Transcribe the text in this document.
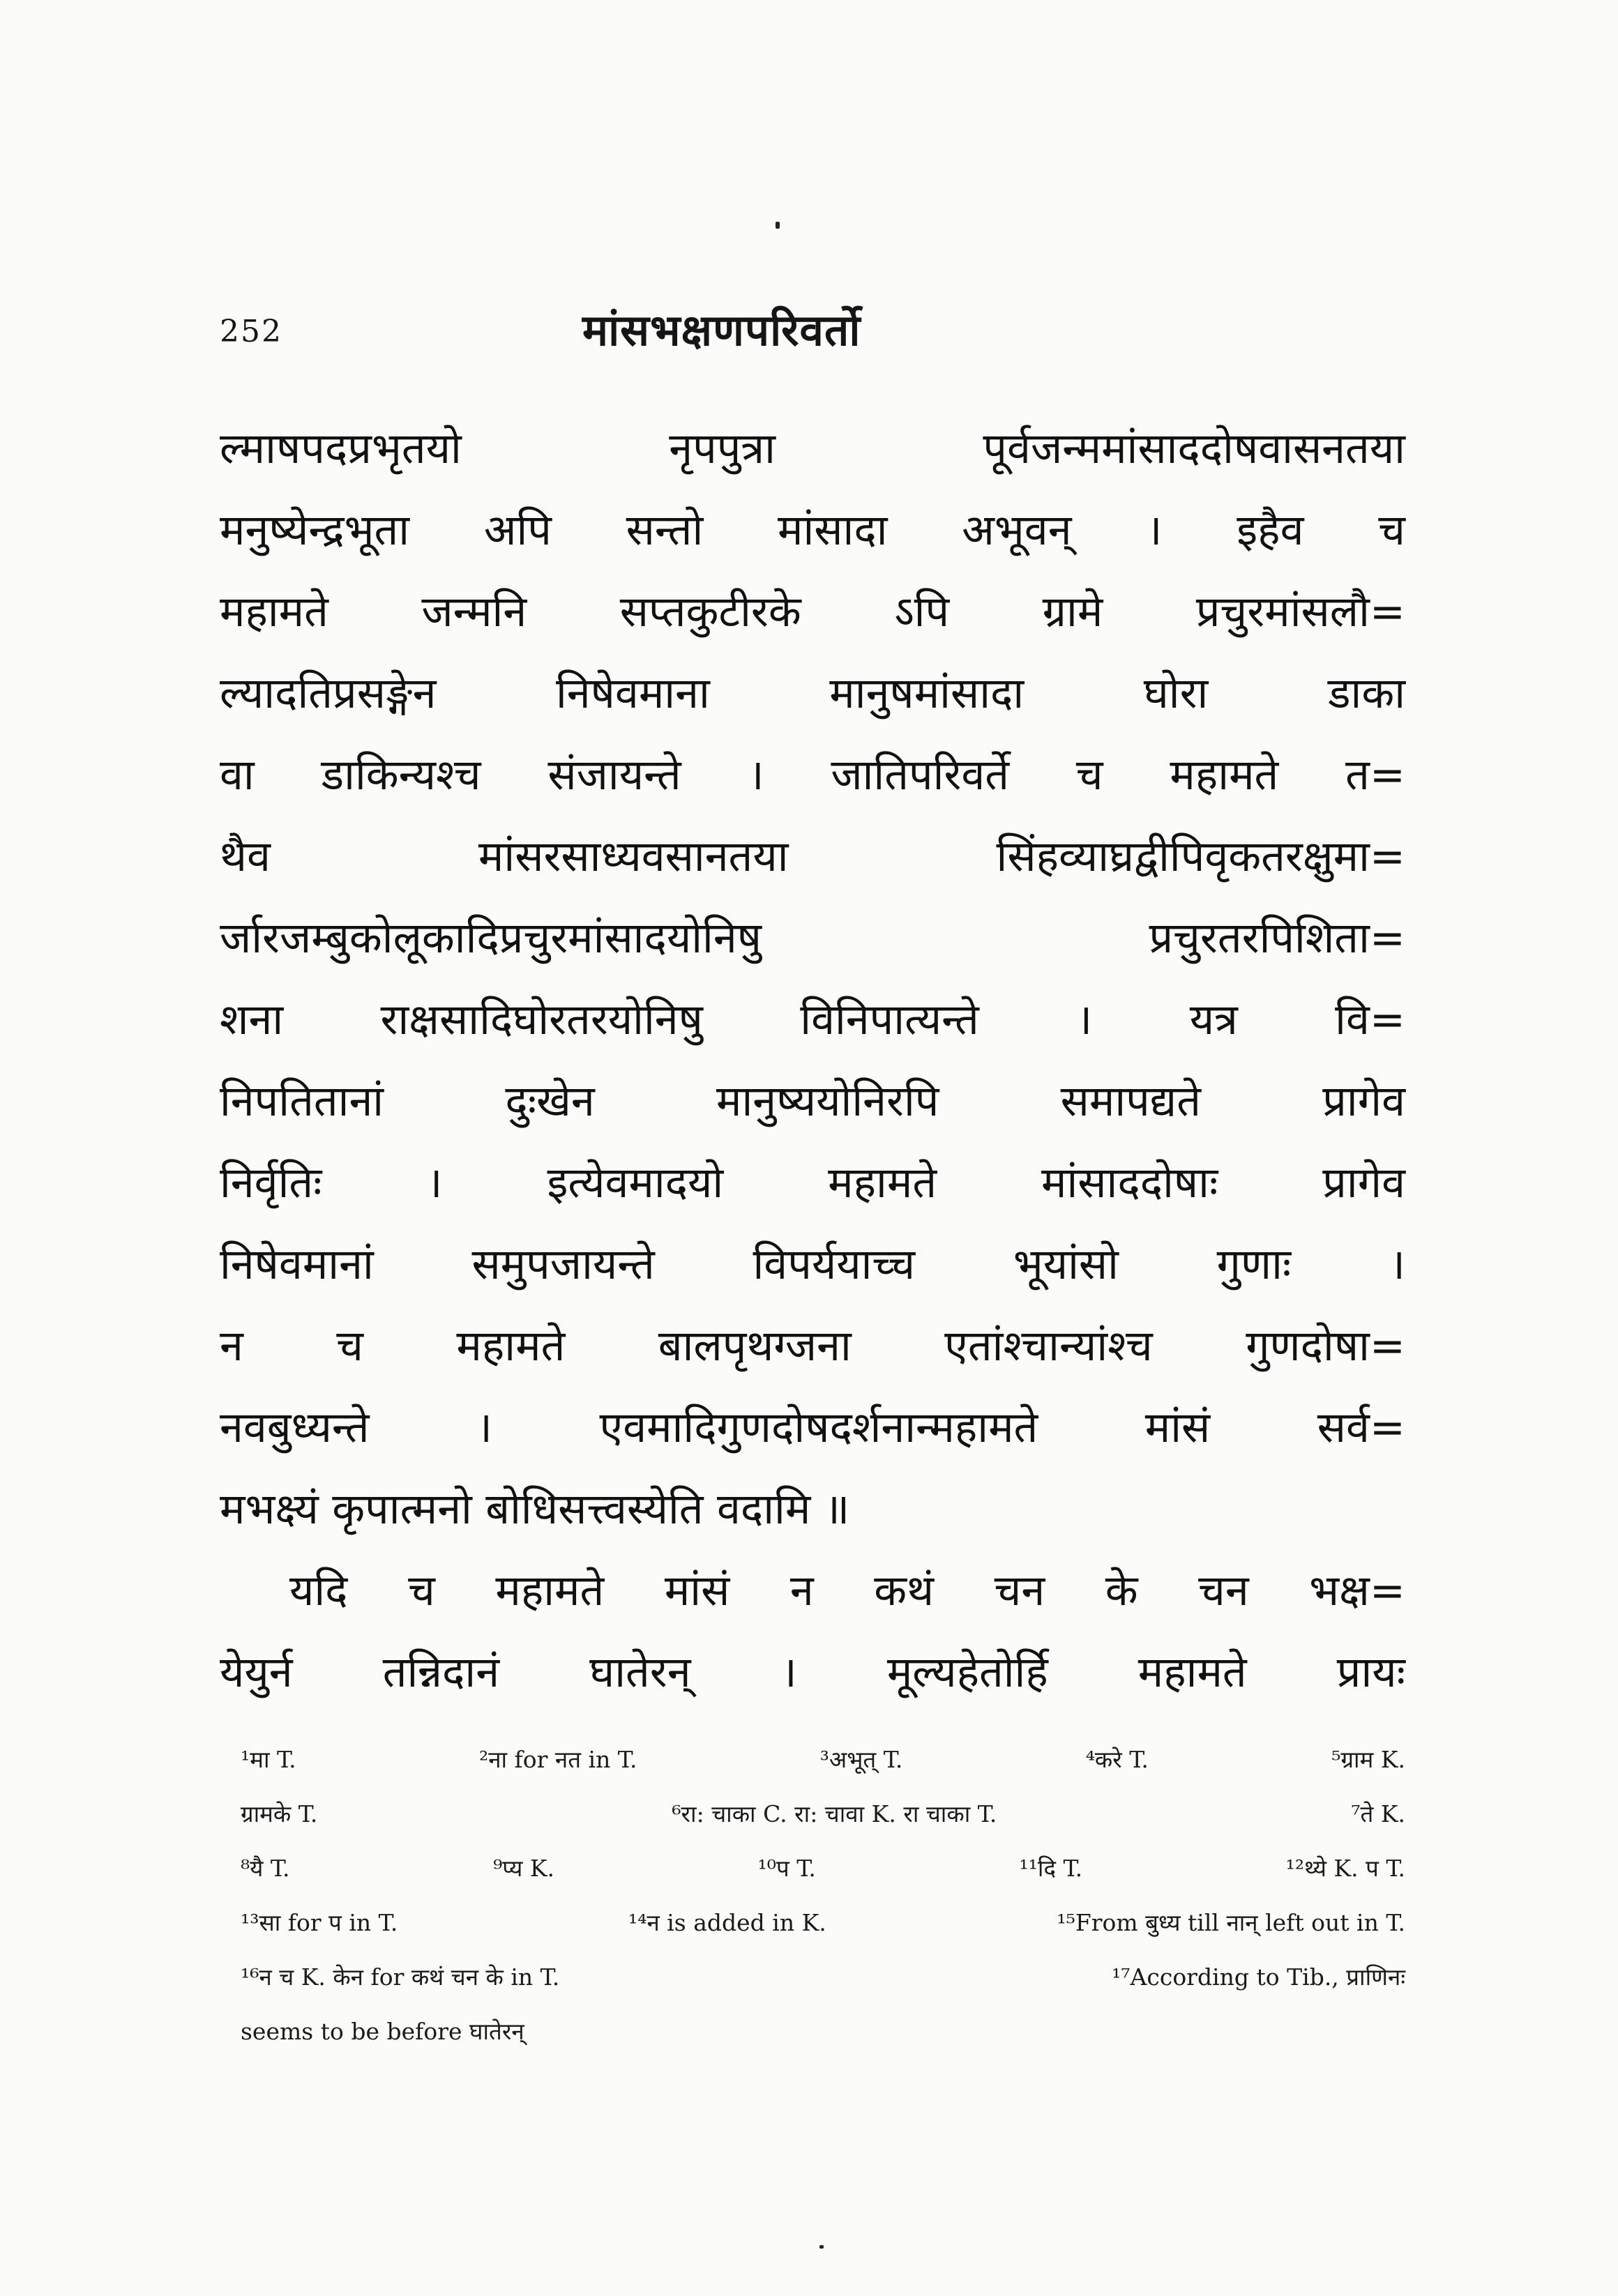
252	मांसभक्षणपरिवर्तो
ल्माषपदप्रभृतयो नृपपुत्रा पूर्वजन्ममांसाददोषवासनतया
मनुष्येन्द्रभूता अपि सन्तो मांसादा अभूवन् । इहैव च
महामते जन्मनि सप्तकुटीरके ऽपि ग्रामे प्रचुरमांसलौ=
ल्यादतिप्रसङ्गेन निषेवमाना मानुषमांसादा घोरा डाका
वा डाकिन्यश्च संजायन्ते । जातिपरिवर्ते च महामते त=
थैव मांसरसाध्यवसानतया सिंहव्याघ्रद्वीपिवृकतरक्षुमा=
र्जारजम्बुकोलूकादिप्रचुरमांसादयोनिषु प्रचुरतरपिशिता=
शना राक्षसादिघोरतरयोनिषु विनिपात्यन्ते । यत्र वि=
निपतितानां दुःखेन मानुष्ययोनिरपि समापद्यते प्रागेव
निर्वृतिः । इत्येवमादयो महामते मांसाददोषाः प्रागेव
निषेवमानां समुपजायन्ते विपर्ययाच्च भूयांसो गुणाः ।
न च महामते बालपृथग्जना एतांश्चान्यांश्च गुणदोषा=
नवबुध्यन्ते । एवमादिगुणदोषदर्शनान्महामते मांसं सर्व=
मभक्ष्यं कृपात्मनो बोधिसत्त्वस्येति वदामि ॥
यदि च महामते मांसं न कथं चन के चन भक्ष=
येयुर्न तन्निदानं घातेरन् । मूल्यहेतोर्हि महामते प्रायः
¹मा T.	²ना for नत in T.	³अभूत् T.	⁴करे T.	⁵ग्राम K.
ग्रामके T.	⁶रा: चाका C. रा: चावा K. रा चाका T.	⁷ते K.
⁸यै T.	⁹प्य K.	¹⁰प T.	¹¹दि T.	¹²थ्ये K. प T.
¹³सा for प in T.	¹⁴न is added in K.	¹⁵From बुध्य till नान् left out in T.
¹⁶न च K. केन for कथं चन के in T.	¹⁷According to Tib., प्राणिनः
seems to be before घातेरन्
